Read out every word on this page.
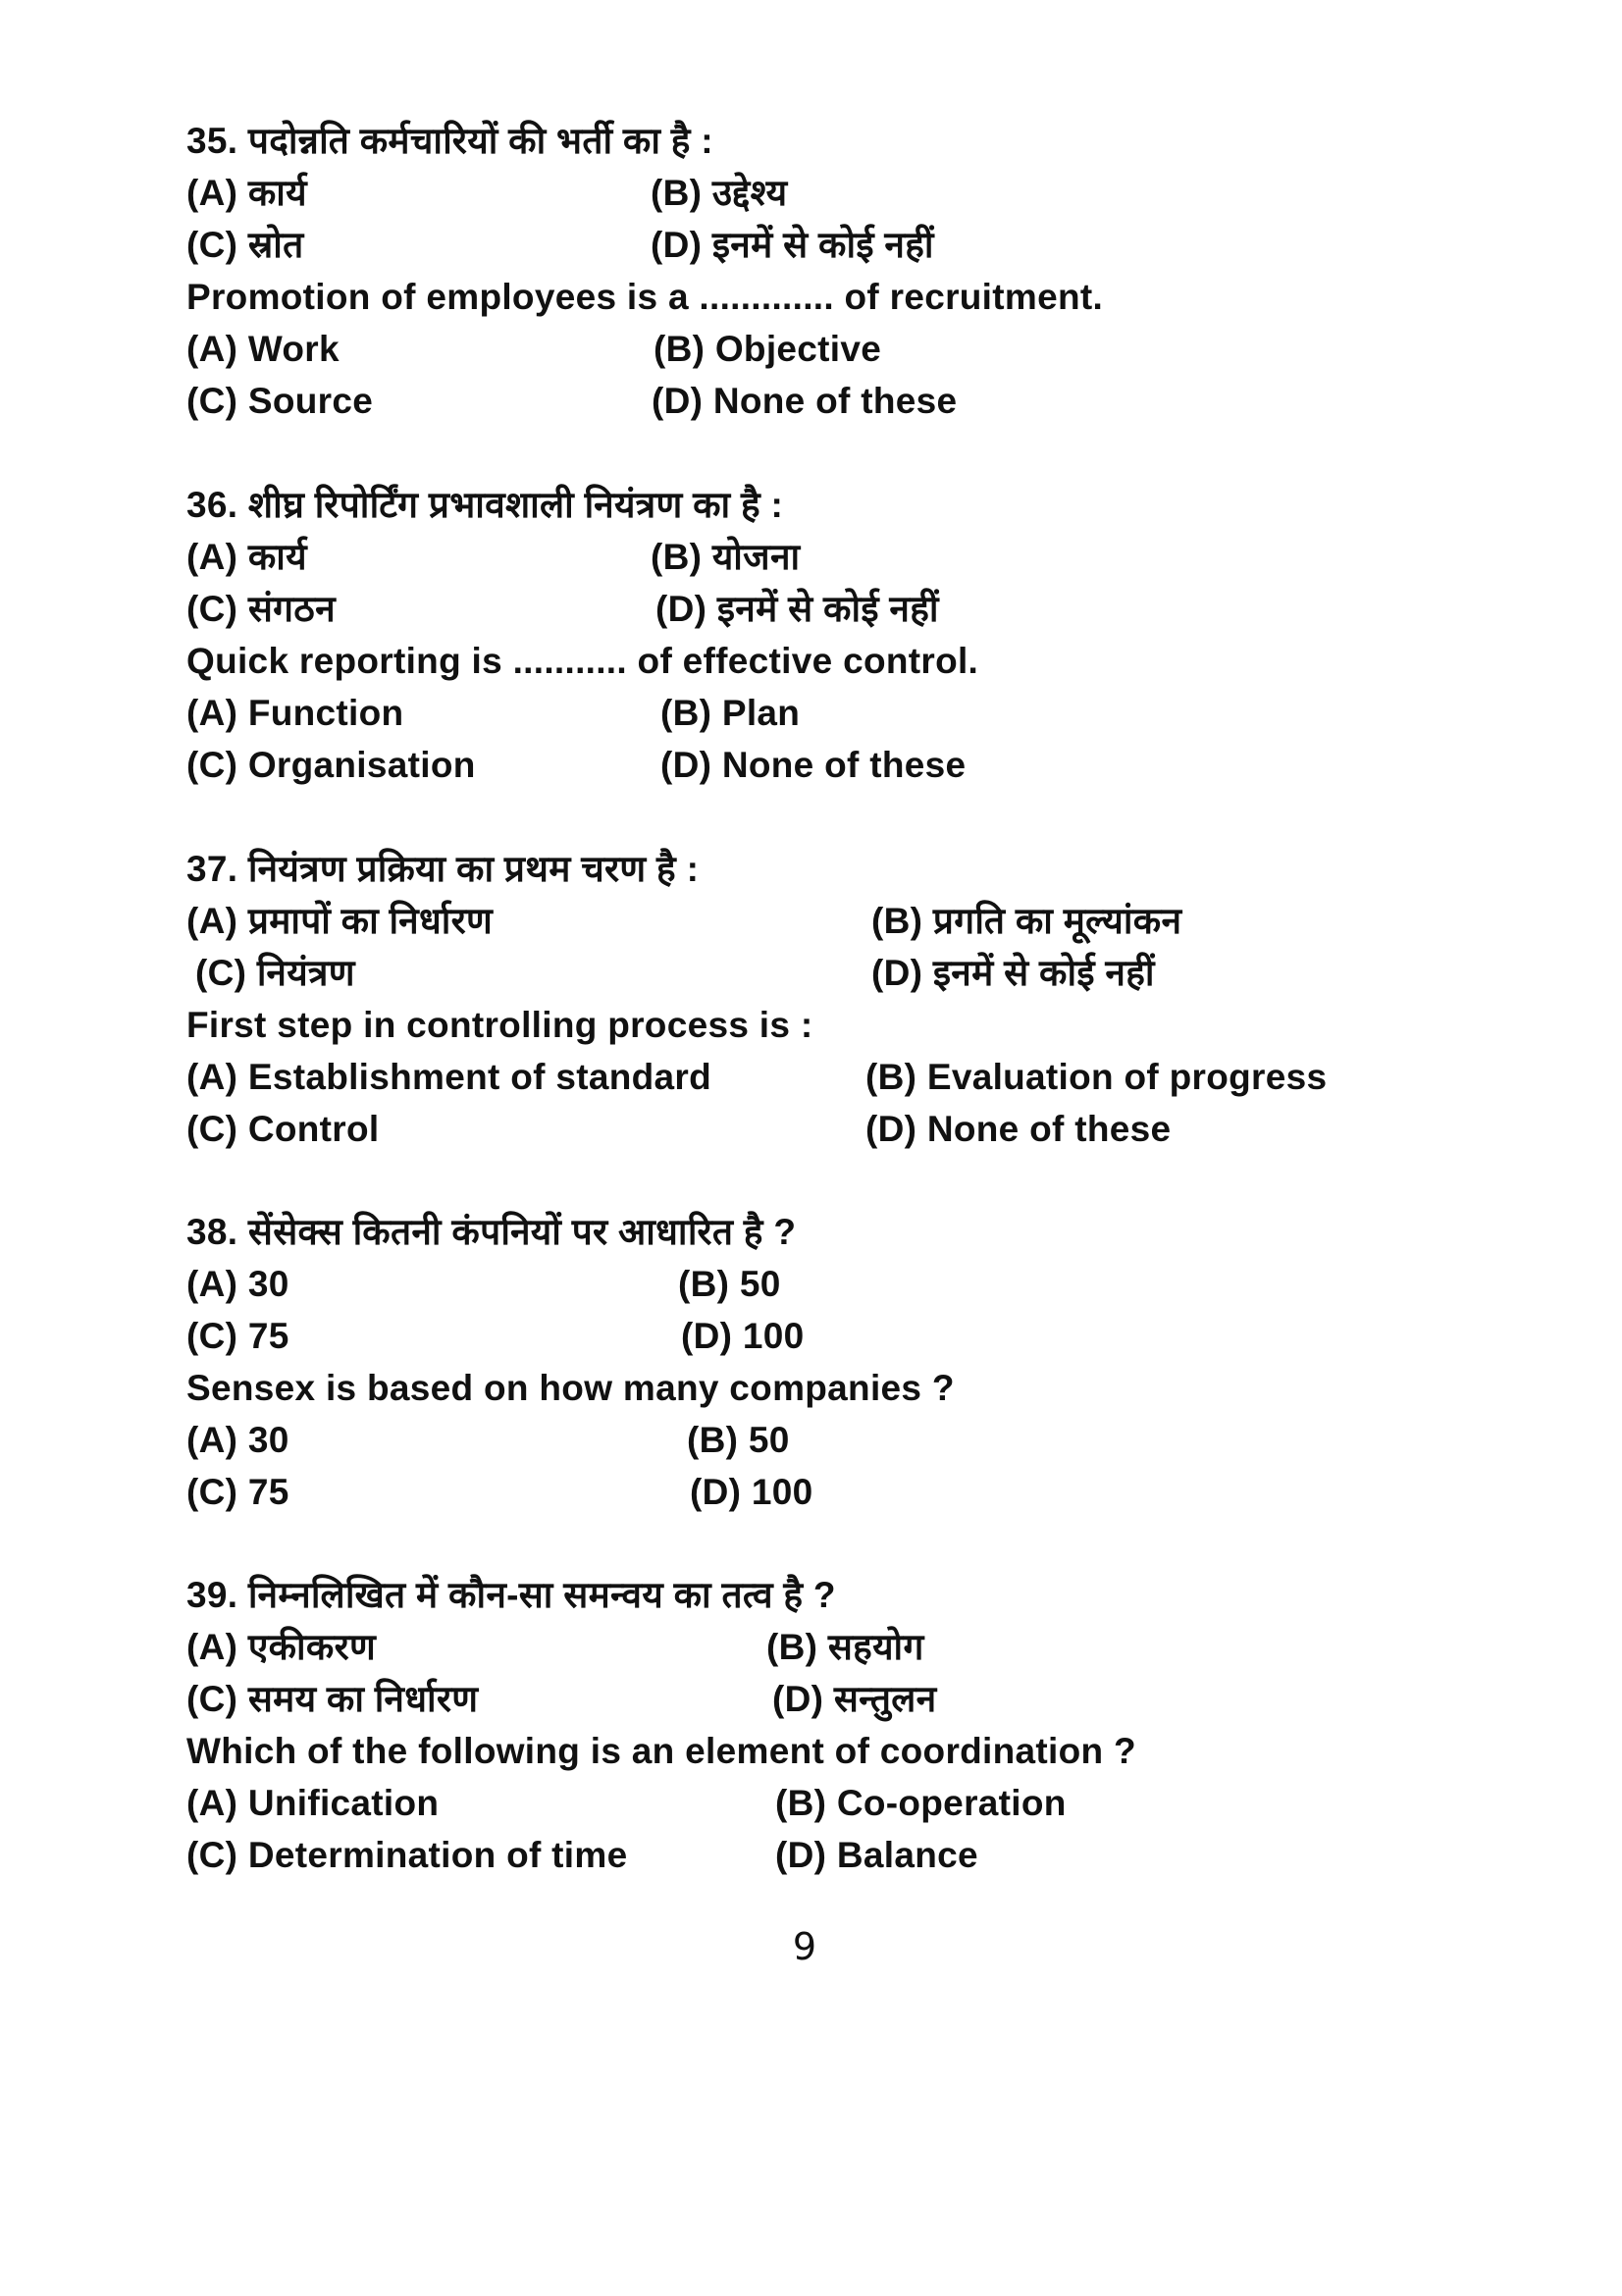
35. पदोन्नति कर्मचारियों की भर्ती का है :
(A) कार्य	(B) उद्देश्य
(C) स्रोत	(D) इनमें से कोई नहीं
Promotion of employees is a ............. of recruitment.
(A) Work	(B) Objective
(C) Source	(D) None of these
36. शीघ्र रिपोर्टिंग प्रभावशाली नियंत्रण का है :
(A) कार्य	(B) योजना
(C) संगठन	(D) इनमें से कोई नहीं
Quick reporting is ........... of effective control.
(A) Function	(B) Plan
(C) Organisation	(D) None of these
37. नियंत्रण प्रक्रिया का प्रथम चरण है :
(A) प्रमापों का निर्धारण	(B) प्रगति का मूल्यांकन
(C) नियंत्रण	(D) इनमें से कोई नहीं
First step in controlling process is :
(A) Establishment of standard	(B) Evaluation of progress
(C) Control	(D) None of these
38. सेंसेक्स कितनी कंपनियों पर आधारित है ?
(A) 30	(B) 50
(C) 75	(D) 100
Sensex is based on how many companies ?
(A) 30	(B) 50
(C) 75	(D) 100
39. निम्नलिखित में कौन-सा समन्वय का तत्व है ?
(A) एकीकरण	(B) सहयोग
(C) समय का निर्धारण	(D) सन्तुलन
Which of the following is an element of coordination ?
(A) Unification	(B) Co-operation
(C) Determination of time	(D) Balance
9
